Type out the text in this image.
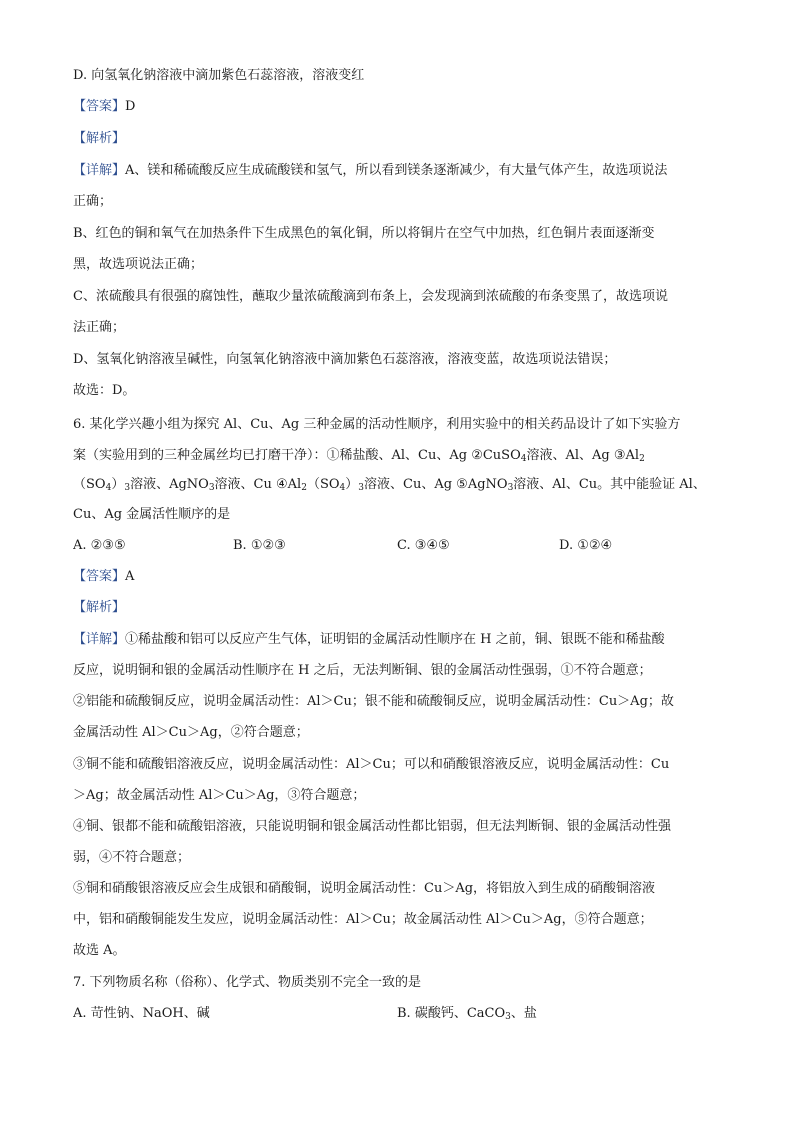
D. 向氢氧化钠溶液中滴加紫色石蕊溶液，溶液变红
【答案】D
【解析】
【详解】A、镁和稀硫酸反应生成硫酸镁和氢气，所以看到镁条逐渐减少，有大量气体产生，故选项说法
正确；
B、红色的铜和氧气在加热条件下生成黑色的氧化铜，所以将铜片在空气中加热，红色铜片表面逐渐变
黑，故选项说法正确；
C、浓硫酸具有很强的腐蚀性，蘸取少量浓硫酸滴到布条上，会发现滴到浓硫酸的布条变黑了，故选项说
法正确；
D、氢氧化钠溶液呈碱性，向氢氧化钠溶液中滴加紫色石蕊溶液，溶液变蓝，故选项说法错误；
故选：D。
6. 某化学兴趣小组为探究 Al、Cu、Ag 三种金属的活动性顺序，利用实验中的相关药品设计了如下实验方
案（实验用到的三种金属丝均已打磨干净）：①稀盐酸、Al、Cu、Ag ②CuSO$_4$溶液、Al、Ag $③Al_2$
$(SO_4)_3$溶液、AgNO$_3$溶液、Cu $④Al_2(SO_4)_3$溶液、Cu、Ag ⑤AgNO$_3$溶液、Al、Cu。其中能验证 Al、
Cu、Ag 金属活性顺序的是
A. ②③⑤	B. ①②③	C. ③④⑤	D. ①②④
【答案】A
【解析】
【详解】①稀盐酸和铝可以反应产生气体，证明铝的金属活动性顺序在 H 之前，铜、银既不能和稀盐酸
反应，说明铜和银的金属活动性顺序在 H 之后，无法判断铜、银的金属活动性强弱，①不符合题意；
②铝能和硫酸铜反应，说明金属活动性：Al＞Cu；银不能和硫酸铜反应，说明金属活动性：Cu＞Ag；故
金属活动性 Al＞Cu＞Ag，②符合题意；
③铜不能和硫酸铝溶液反应，说明金属活动性：Al＞Cu；可以和硝酸银溶液反应，说明金属活动性：Cu
＞Ag；故金属活动性 Al＞Cu＞Ag，③符合题意；
④铜、银都不能和硫酸铝溶液，只能说明铜和银金属活动性都比铝弱，但无法判断铜、银的金属活动性强
弱，④不符合题意；
⑤铜和硝酸银溶液反应会生成银和硝酸铜，说明金属活动性：Cu＞Ag，将铝放入到生成的硝酸铜溶液
中，铝和硝酸铜能发生发应，说明金属活动性：Al＞Cu；故金属活动性 Al＞Cu＞Ag，⑤符合题意；
故选 A。
7. 下列物质名称（俗称）、化学式、物质类别不完全一致的是
A. 苛性钠、NaOH、碱	B. 碳酸钙、CaCO$_3$、盐
